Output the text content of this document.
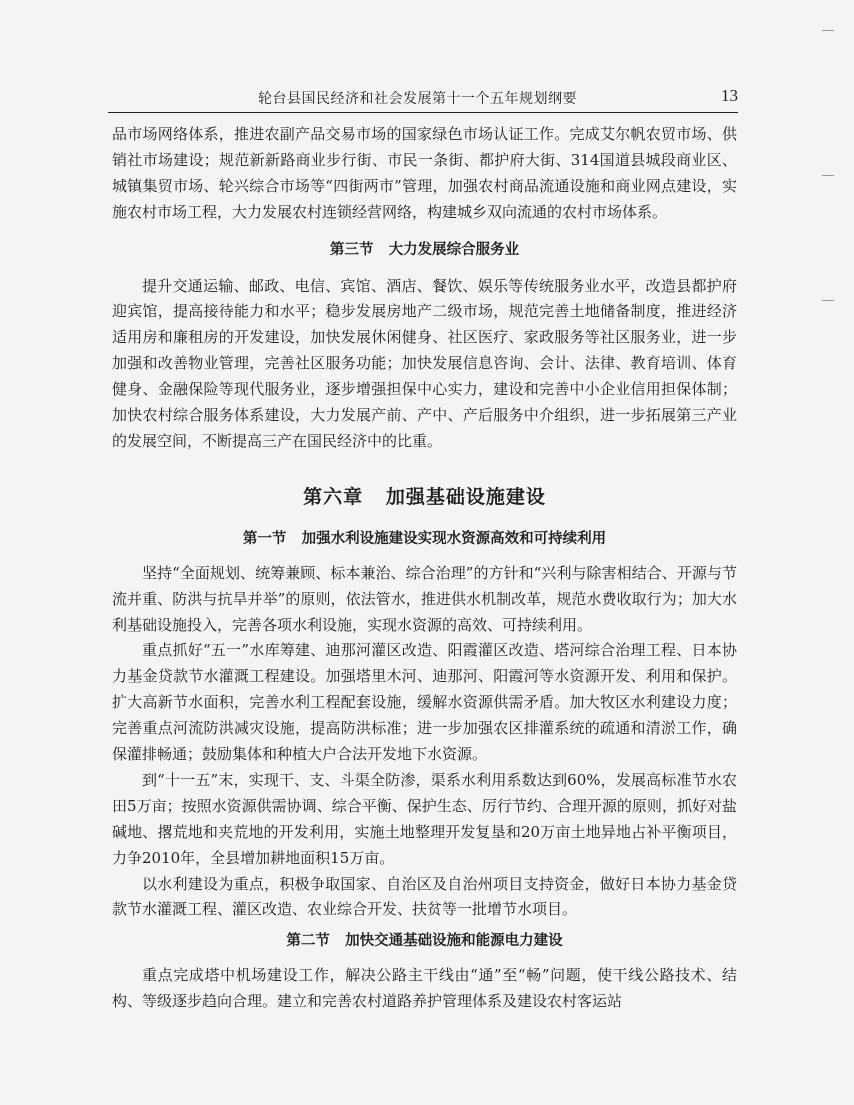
轮台县国民经济和社会发展第十一个五年规划纲要	13

品市场网络体系，推进农副产品交易市场的国家绿色市场认证工作。完成艾尔帆农贸市场、供销社市场建设；规范新新路商业步行街、市民一条街、都护府大街、314国道县城段商业区、城镇集贸市场、轮兴综合市场等“四街两市”管理，加强农村商品流通设施和商业网点建设，实施农村市场工程，大力发展农村连锁经营网络，构建城乡双向流通的农村市场体系。

第三节   大力发展综合服务业

提升交通运输、邮政、电信、宾馆、酒店、餐饮、娱乐等传统服务业水平，改造县都护府迎宾馆，提高接待能力和水平；稳步发展房地产二级市场，规范完善土地储备制度，推进经济适用房和廉租房的开发建设，加快发展休闲健身、社区医疗、家政服务等社区服务业，进一步加强和改善物业管理，完善社区服务功能；加快发展信息咨询、会计、法律、教育培训、体育健身、金融保险等现代服务业，逐步增强担保中心实力，建设和完善中小企业信用担保体制；加快农村综合服务体系建设，大力发展产前、产中、产后服务中介组织，进一步拓展第三产业的发展空间，不断提高三产在国民经济中的比重。

第六章   加强基础设施建设
第一节   加强水利设施建设实现水资源高效和可持续利用

坚持“全面规划、统筹兼顾、标本兼治、综合治理”的方针和“兴利与除害相结合、开源与节流并重、防洪与抗旱并举”的原则，依法管水，推进供水机制改革，规范水费收取行为；加大水利基础设施投入，完善各项水利设施，实现水资源的高效、可持续利用。

重点抓好“五一”水库筹建、迪那河灌区改造、阳霞灌区改造、塔河综合治理工程、日本协力基金贷款节水灌溉工程建设。加强塔里木河、迪那河、阳霞河等水资源开发、利用和保护。扩大高新节水面积，完善水利工程配套设施，缓解水资源供需矛盾。加大牧区水利建设力度；完善重点河流防洪减灾设施，提高防洪标准；进一步加强农区排灌系统的疏通和清淤工作，确保灌排畅通；鼓励集体和种植大户合法开发地下水资源。

到“十一五”末，实现干、支、斗渠全防渗，渠系水利用系数达到60%，发展高标准节水农田5万亩；按照水资源供需协调、综合平衡、保护生态、厉行节约、合理开源的原则，抓好对盐碱地、撂荒地和夹荒地的开发利用，实施土地整理开发复垦和20万亩土地异地占补平衡项目，力争2010年，全县增加耕地面积15万亩。

以水利建设为重点，积极争取国家、自治区及自治州项目支持资金，做好日本协力基金贷款节水灌溉工程、灌区改造、农业综合开发、扶贫等一批增节水项目。

第二节   加快交通基础设施和能源电力建设

重点完成塔中机场建设工作，解决公路主干线由“通”至“畅”问题，使干线公路技术、结构、等级逐步趋向合理。建立和完善农村道路养护管理体系及建设农村客运站
